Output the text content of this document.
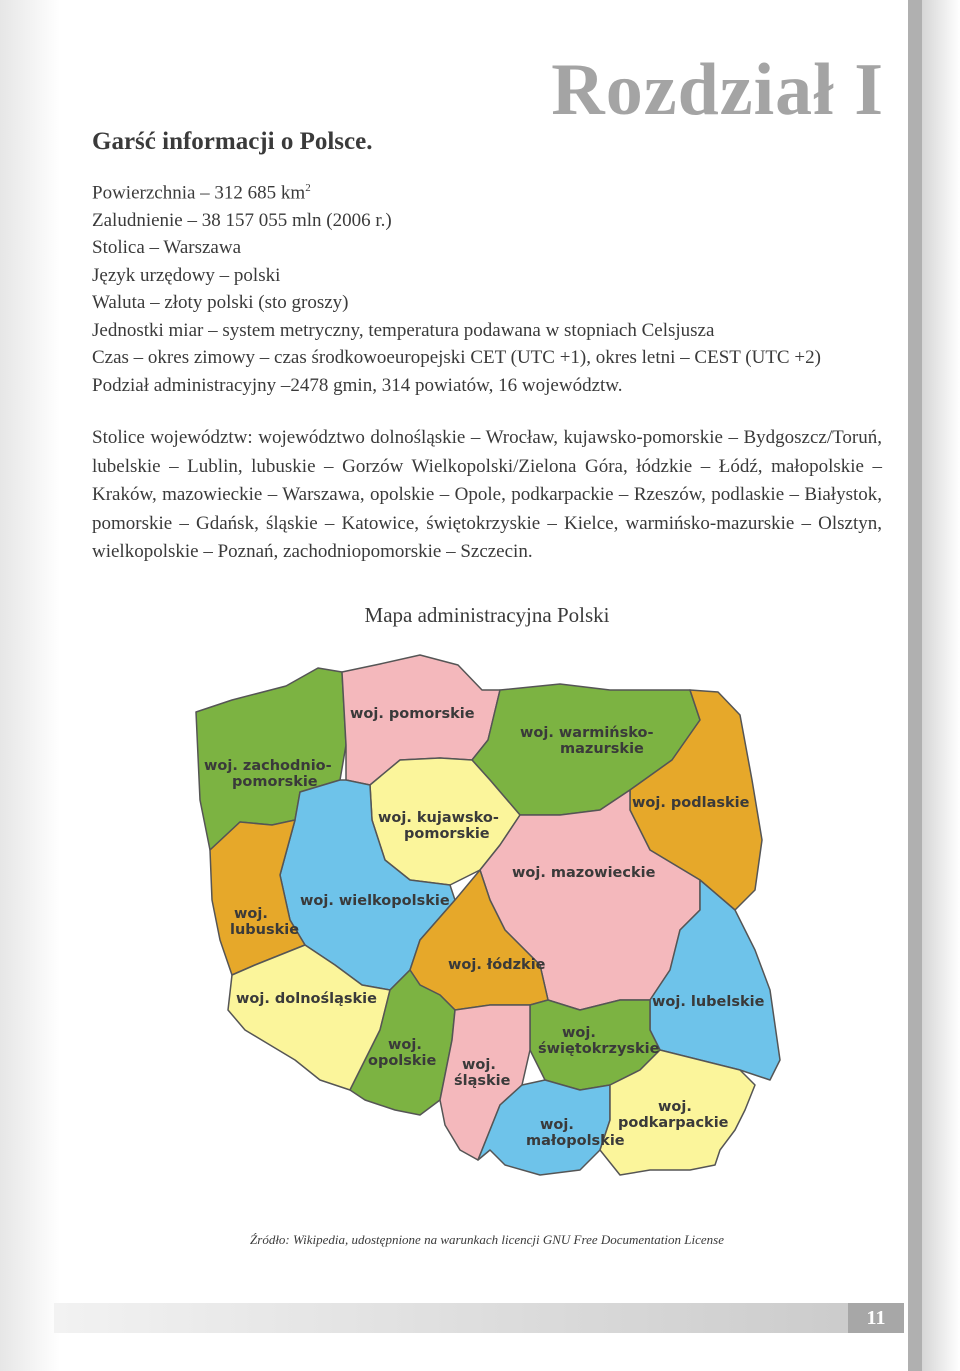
Rozdział I
Garść informacji o Polsce.
Powierzchnia – 312 685 $km^2$
Zaludnienie – 38 157 055 mln (2006 r.)
Stolica – Warszawa
Język urzędowy – polski
Waluta – złoty polski (sto groszy)
Jednostki miar – system metryczny, temperatura podawana w stopniach Celsjusza
Czas – okres zimowy – czas środkowoeuropejski CET (UTC +1), okres letni – CEST (UTC +2)
Podział administracyjny –2478 gmin, 314 powiatów, 16 województw.
Stolice województw: województwo dolnośląskie – Wrocław, kujawsko-pomorskie – Bydgoszcz/Toruń, lubelskie – Lublin, lubuskie – Gorzów Wielkopolski/Zielona Góra, łódzkie – Łódź, małopolskie – Kraków, mazowieckie – Warszawa, opolskie – Opole, podkarpackie – Rzeszów, podlaskie – Białystok, pomorskie – Gdańsk, śląskie – Katowice, świętokrzyskie – Kielce, warmińsko-mazurskie – Olsztyn, wielkopolskie – Poznań, zachodniopomorskie – Szczecin.
Mapa administracyjna Polski
woj. pomorskie
woj. warmińsko-
mazurskie
woj. zachodnio-
pomorskie
woj. podlaskie
woj. kujawsko-
pomorskie
woj. mazowieckie
woj. wielkopolskie
woj.
lubuskie
woj. łódzkie
woj. dolnośląskie	woj. lubelskie
woj.
świętokrzyskie
woj.
opolskie woj.
śląskie
woj.
małopolskie
woj.
podkarpackie
Źródło: Wikipedia, udostępnione na warunkach licencji GNU Free Documentation License
11
